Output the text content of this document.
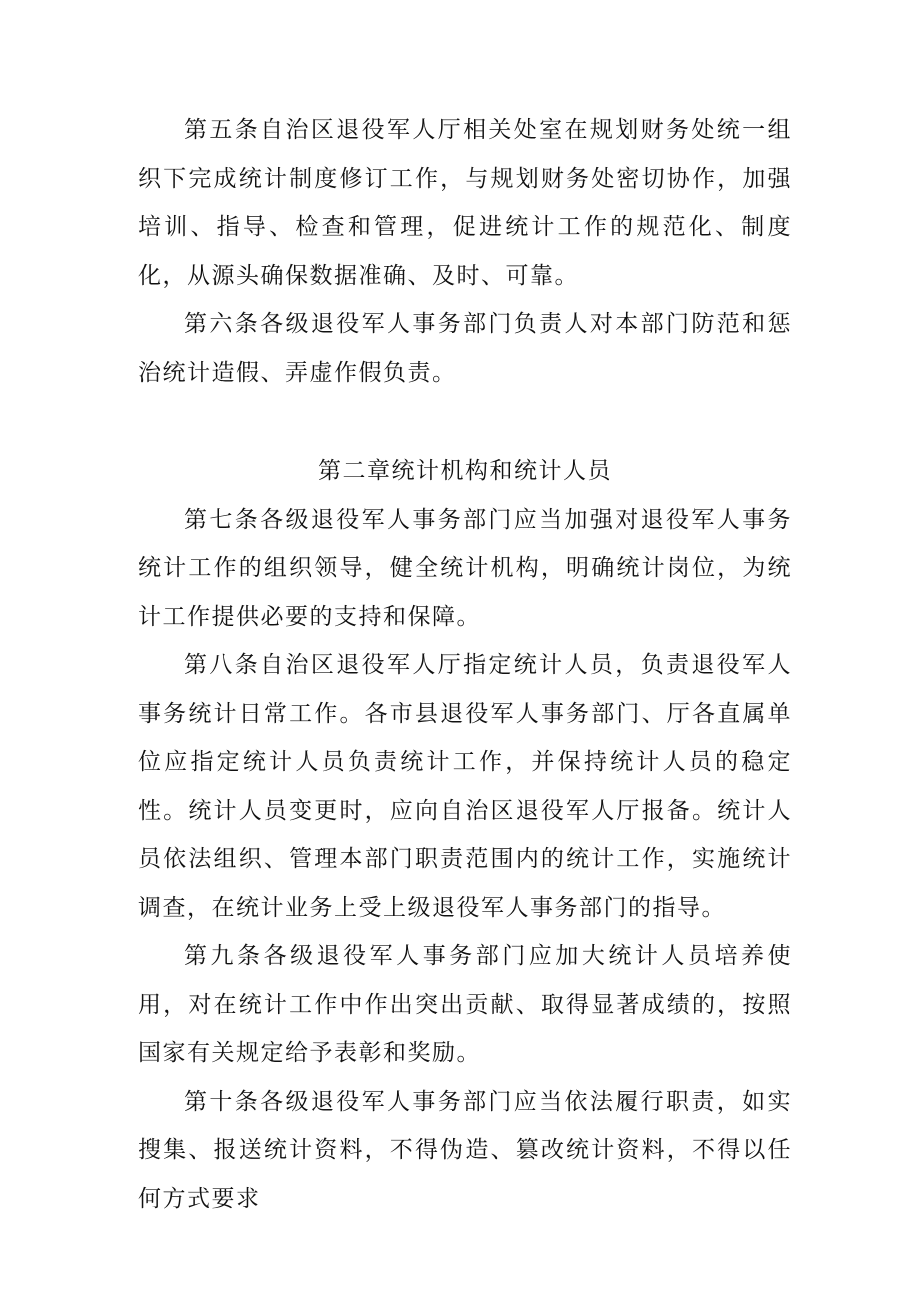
第五条自治区退役军人厅相关处室在规划财务处统一组织下完成统计制度修订工作，与规划财务处密切协作，加强培训、指导、检查和管理，促进统计工作的规范化、制度化，从源头确保数据准确、及时、可靠。

第六条各级退役军人事务部门负责人对本部门防范和惩治统计造假、弄虚作假负责。

第二章统计机构和统计人员

第七条各级退役军人事务部门应当加强对退役军人事务统计工作的组织领导，健全统计机构，明确统计岗位，为统计工作提供必要的支持和保障。

第八条自治区退役军人厅指定统计人员，负责退役军人事务统计日常工作。各市县退役军人事务部门、厅各直属单位应指定统计人员负责统计工作，并保持统计人员的稳定性。统计人员变更时，应向自治区退役军人厅报备。统计人员依法组织、管理本部门职责范围内的统计工作，实施统计调查，在统计业务上受上级退役军人事务部门的指导。

第九条各级退役军人事务部门应加大统计人员培养使用，对在统计工作中作出突出贡献、取得显著成绩的，按照国家有关规定给予表彰和奖励。

第十条各级退役军人事务部门应当依法履行职责，如实搜集、报送统计资料，不得伪造、篡改统计资料，不得以任何方式要求
